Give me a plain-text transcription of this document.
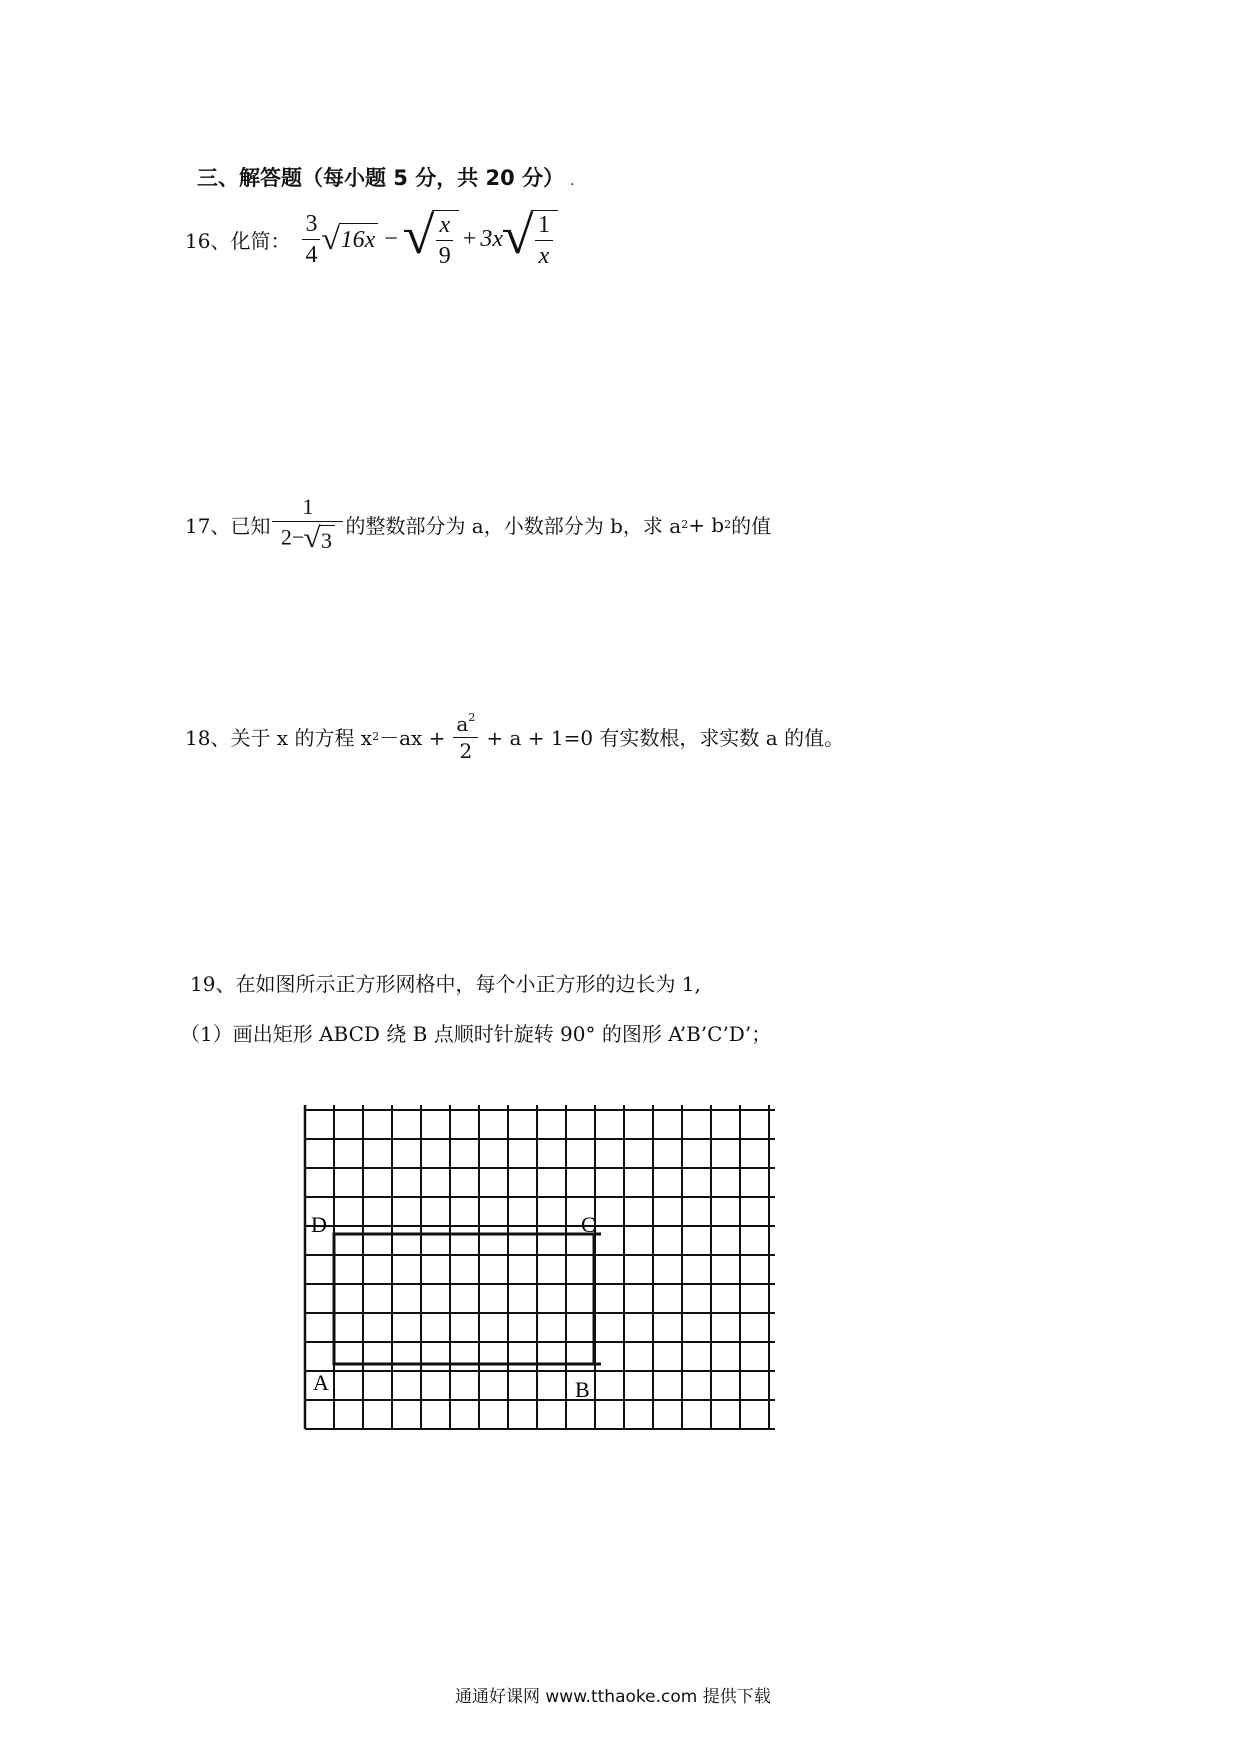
三、解答题（每小题 5 分，共 20 分） .
16、化简： $\frac{3}{4}$ √ 16x − √ $\frac{x}{9} + 3x$
√ $\frac{1}{x}$
17、已知 $\frac{1}{2- √ 3}$ 的整数部分为 a，小数部分为 b，求 a 2 + b 2 的值
18、关于 x 的方程 x $2 -ax + \frac{a^2}{2} + a + 1=0$ 有实数根，求实数 a 的值。
19、在如图所示正方形网格中，每个小正方形的边长为 1,
（1）画出矩形 ABCD 绕 B 点顺时针旋转 90° 的图形 A’B’C’D’；
D	C
A	B
通通好课网 www.tthaoke.com 提供下载
